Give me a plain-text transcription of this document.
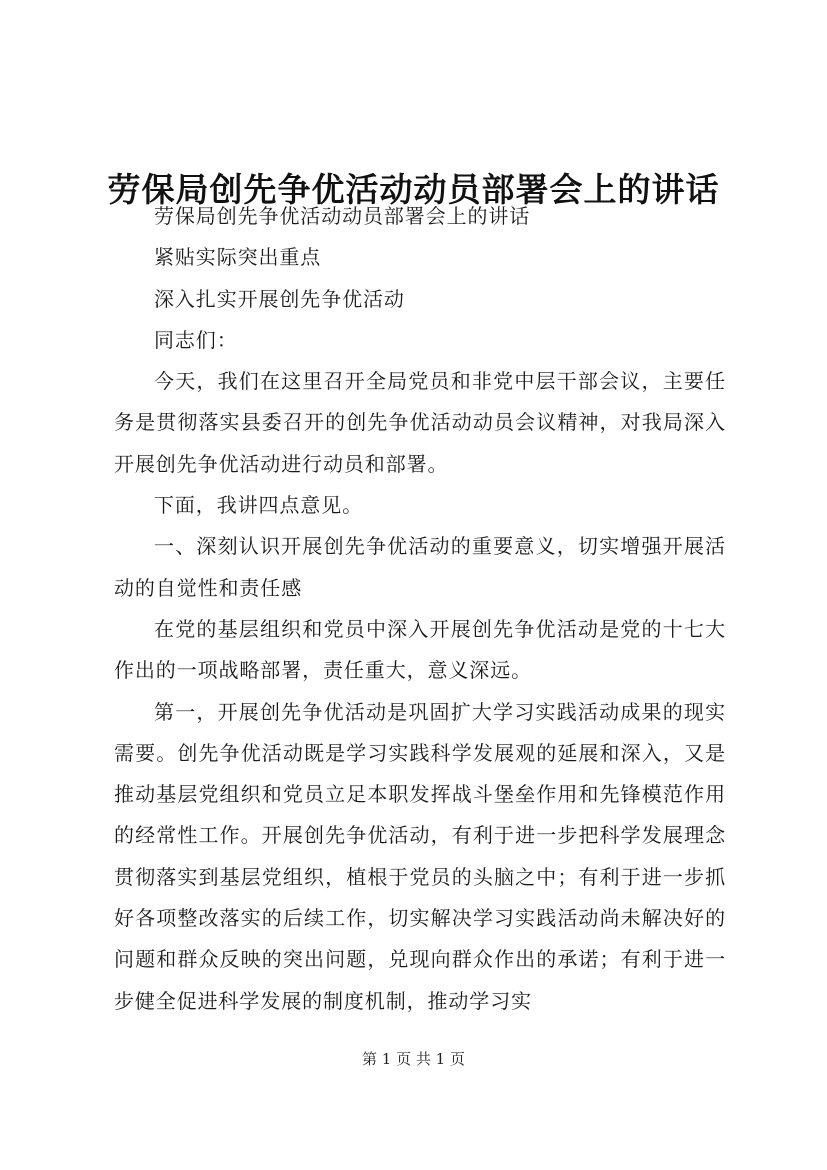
劳保局创先争优活动动员部署会上的讲话

劳保局创先争优活动动员部署会上的讲话

紧贴实际突出重点

深入扎实开展创先争优活动

同志们：

今天，我们在这里召开全局党员和非党中层干部会议，主要任务是贯彻落实县委召开的创先争优活动动员会议精神，对我局深入开展创先争优活动进行动员和部署。

下面，我讲四点意见。

一、深刻认识开展创先争优活动的重要意义，切实增强开展活动的自觉性和责任感

在党的基层组织和党员中深入开展创先争优活动是党的十七大作出的一项战略部署，责任重大，意义深远。

第一，开展创先争优活动是巩固扩大学习实践活动成果的现实需要。创先争优活动既是学习实践科学发展观的延展和深入，又是推动基层党组织和党员立足本职发挥战斗堡垒作用和先锋模范作用的经常性工作。开展创先争优活动，有利于进一步把科学发展理念贯彻落实到基层党组织，植根于党员的头脑之中；有利于进一步抓好各项整改落实的后续工作，切实解决学习实践活动尚未解决好的问题和群众反映的突出问题，兑现向群众作出的承诺；有利于进一步健全促进科学发展的制度机制，推动学习实

第 1 页 共 1 页
